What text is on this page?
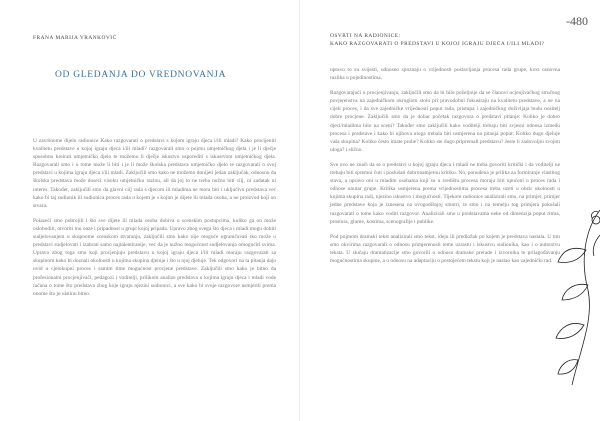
FRANA MARIJA VRANKOVIĆ
OD GLEDANJA DO VREDNOVANJA

U završnome dijelu radionice Kako razgovarati o predstavi s kojom igraju djeca i/ili mladi? Kako procijeniti kvalitetu predstave u kojoj igraju djeca i/ili mladi? razgovarali smo o pojmu umjetničkog djela i je li dječje sposobno kreirati umjetničko djelo te možemo li dječje iskustvo usporediti s iskustvom umjetničkog djela. Razgovarali smo i o tome može li biti i je li može školska predstava umjetničko djelo te razgovarali o svoj predstavi u kojima igraju djeca i/ili mladi. Zaključili smo kako ne možemo donijeti jedan zaključak, odnosno da školska predstava može doseći visoku umjetničku razinu, ali da joj to ne treba nužno biti cilj, ni zadatak ni interes. Također, zaključili smo da glavni cilj rada s djecom ili mladima ne mora biti i uključivo predstava već kako bi taj sudionik ili sudionica proces rada u kojem je s kojim je dijete ili mlada osoba, a ne proizvod koji on stvara.

Polazeći smo pobrojili i što sve dijete ili mlada osoba dobiva u scenskim postupcima, koliko ga on može osloboditi, otvoriti mu oaze i pripadnost u grupi kojoj pripada. Upravo zbog svega što djeca i mladi mogu dobiti sudjelovanjem u skupnome scenskom stvaranju, zaključili smo kako nije moguće ograničavati tko može u predstavi sudjelovati i izabrati samo najtalentiranije, već da je nužno mogućnost sudjelovanja omogućiti svima. Upravo zbog toga smo koji procjenjuju predstavu u kojoj igraju djeca i/ili mladi moraju razgovarati sa skupinom kako bi doznali okolnosti u kojima skupina djeluje i što u njoj djeluje. Tek odgovori na ta pitanja daju uvid u cjelokupni proces i samim time mogućnost procjene predstave. Zaključili smo kako je bitno da profesionalni procjenjivači, pedagozi i voditelji, prilikom analize predstava u kojima igraju djeca i mladi vode računa o tome što predstava zbog koje igraju njezini sudionici, a sve kako bi svoje razgovore usmjerili prema onome što je uistinu bitno.

-480
OSVRTI NA RADIONICE:
KAKO RAZGOVARATI O PREDSTAVI U KOJOJ IGRAJU DJECA I/ILI MLADI?

upravo to su svijesti, odnosno spoznaju o vrijednosti postavljanja procesa rada grupe, kroz osnovna razlika u pojedinostima.

Razgovarajući o procjenjivanju, zaključili smo da bi bilo poželjnije da se članovi ocjenjivačkog stručnog povjerenstva na zajedničkom okruglom stolu pri pravodobni fokusiraju na kvalitetu predstave, a ne na cijeli proces, i da sve zajedničke vrijednosti poput rada, pristupa i zajedničkog doživljaja budu nositelj dobre procjene. Zaključili smo da je dobar početak razgovora o predstavi pitanje: Koliko je dobro djeci/mladima bilo na sceni? Također smo zaključili kako voditelji trebaju biti svjesni odnosa između procesa i predstave i kako bi njihova uloga trebala biti usmjerena na pitanja poput: Koliko dugo djeluje vaša skupina? Koliko često imate probe? Koliko ste dugo pripremali predstavu? Jeste li zadovoljni svojim uloga? i slično.

Sve ovo ne znači da se o predstavi u kojoj igraju djeca i mladi ne treba govoriti kritički i da voditelji ne trebaju biti spremni čuti i poslušati dobronamjernu kritiku. No, ponuđena je prilika za formiranje vlastitog stava, a upravo oni u mladim osobama koji su u središtu procesa moraju biti upućeni u proces rada i odnose unutar grupe. Kritika usmjerena prema vrijednostima procesa treba uzeti u obzir okolnosti u kojima skupina radi, njezino iskustvo i mogućnosti. Tijekom radionice analizirali smo, na primjer, primjer jedne predstave koja je iznesena na ovogodišnjoj smotri, te smo i na temelju tog primjera pokušali razgovarati o tome kako voditi razgovor. Analizirali smo u predstavama neke od dimenzija poput ritma, prostora, glume, kostima, scenografije i publike.

Pod pojmom dramski tekst analizirali smo tekst, ideju ili predložak po kojem je predstava nastala. U tim smo okvirima razgovarali o odnosu primjerenosti teme uzrastu i iskustvu sudionika, kao i o autorstvu teksta. U slučaju dramatizacije smo govorili o odnosu dramske prerade i izvornika te prilagođavanju mogućnostima skupine, a u odnosu na adaptaciju o postojećem tekstu koji je nastao kao zajednički rad.
